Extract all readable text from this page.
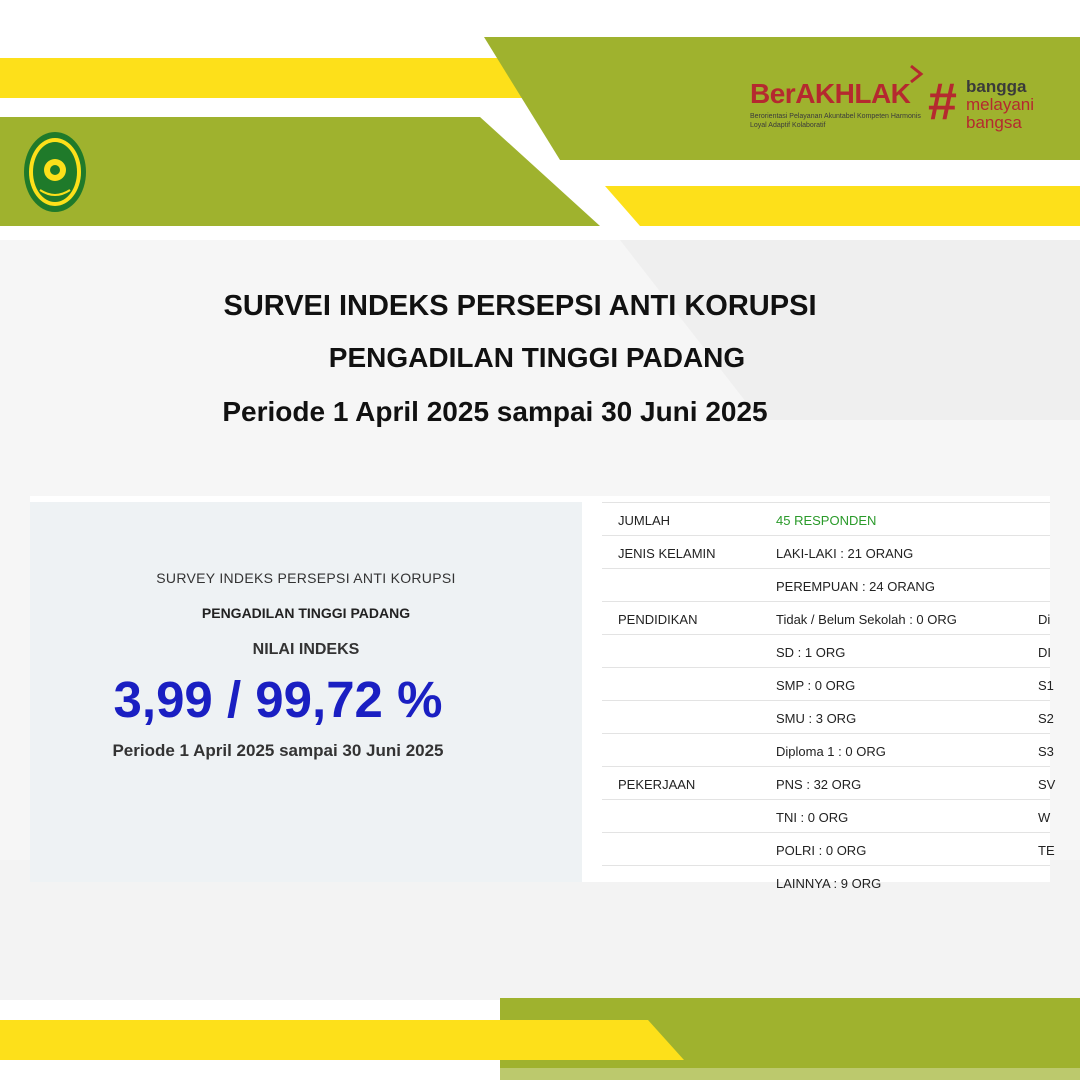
BerAKHLAK
Berorientasi Pelayanan Akuntabel Kompeten Harmonis Loyal Adaptif Kolaboratif	# bangga
melayani
bangsa
SURVEI INDEKS PERSEPSI ANTI KORUPSI
PENGADILAN TINGGI PADANG
Periode 1 April 2025 sampai 30 Juni 2025
SURVEY INDEKS PERSEPSI ANTI KORUPSI
PENGADILAN TINGGI PADANG
NILAI INDEKS
3,99 / 99,72 %
Periode 1 April 2025 sampai 30 Juni 2025
JUMLAH	45 RESPONDEN
JENIS KELAMIN	LAKI-LAKI : 21 ORANG
PEREMPUAN : 24 ORANG
PENDIDIKAN	Tidak / Belum Sekolah : 0 ORG	Di
SD : 1 ORG	DI
SMP : 0 ORG	S1
SMU : 3 ORG	S2
Diploma 1 : 0 ORG	S3
PEKERJAAN	PNS : 32 ORG	SV
TNI : 0 ORG	W
POLRI : 0 ORG	TE
LAINNYA : 9 ORG
